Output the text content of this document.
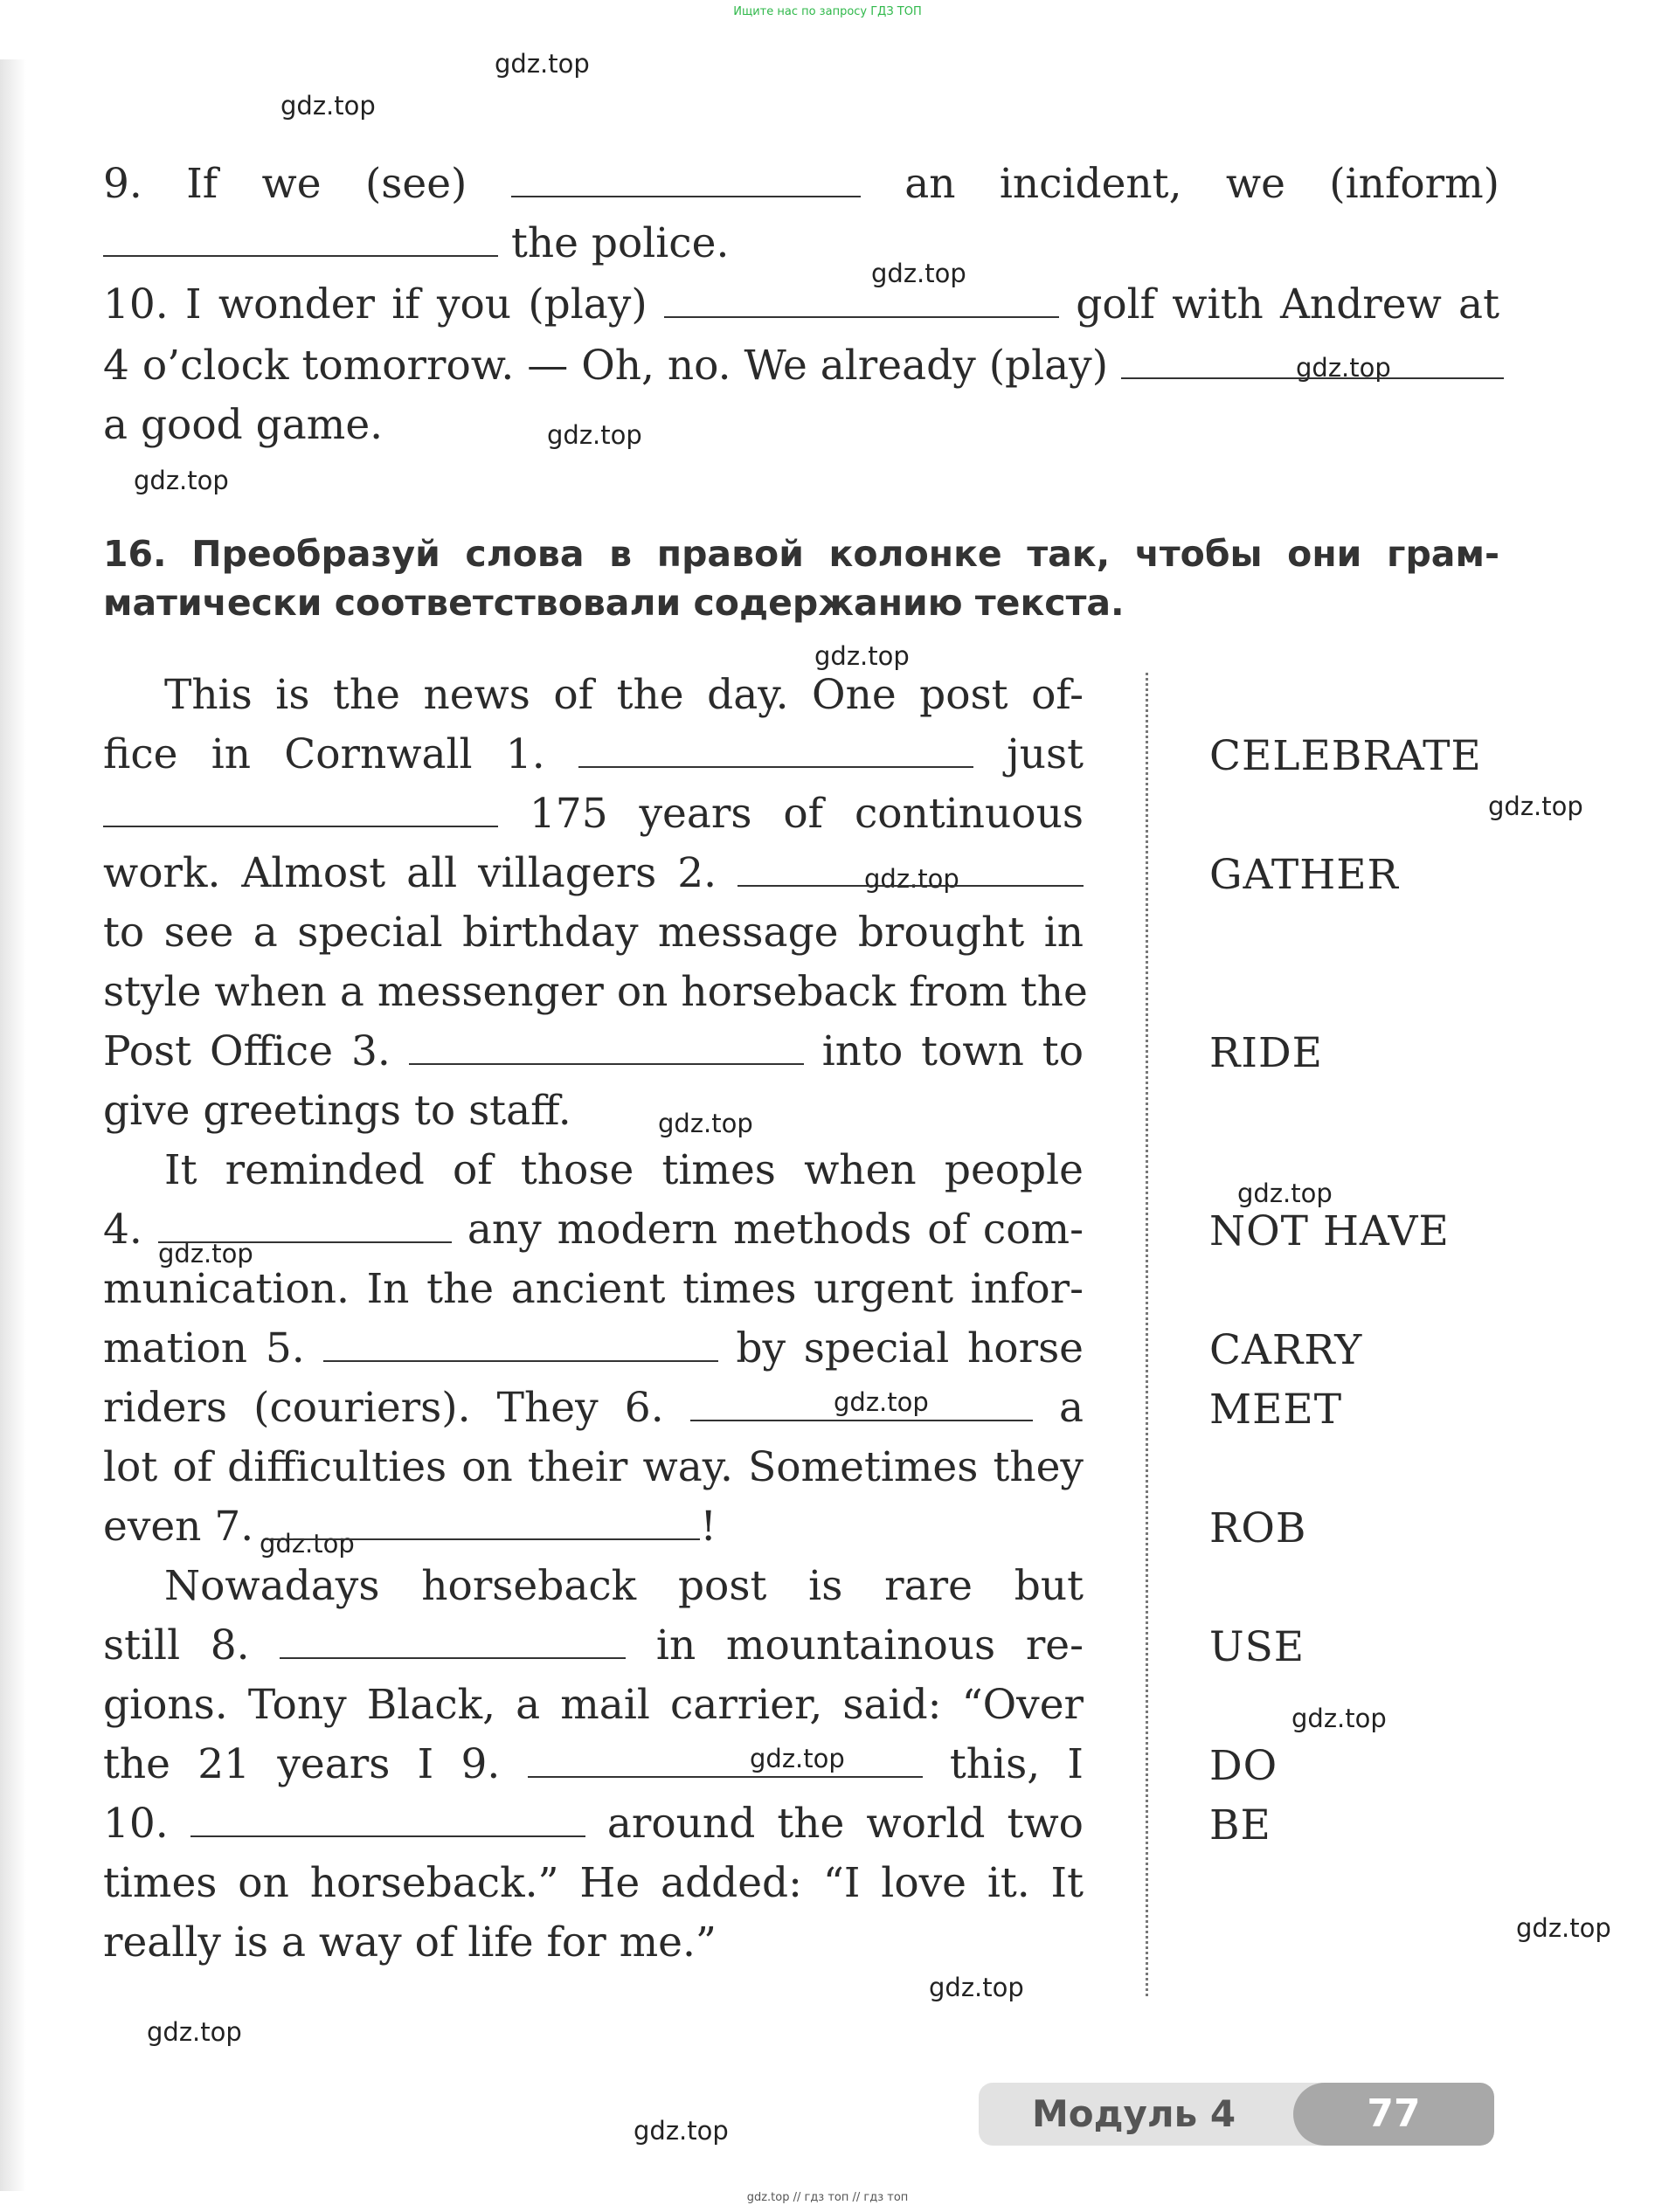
Ищите нас по запросу ГДЗ ТОП
gdz.top
gdz.top
gdz.top
gdz.top
gdz.top
gdz.top
gdz.top
gdz.top
gdz.top
gdz.top
gdz.top
gdz.top
gdz.top
gdz.top
gdz.top
gdz.top
gdz.top
gdz.top
gdz.top
gdz.top
9. If we (see)	an incident, we (inform)
the police.
10. I wonder if you (play)	golf with Andrew at
4 o’clock tomorrow. — Oh, no. We already (play)
a good game.
16. Преобразуй слова в правой колонке так, чтобы они грам-
матически соответствовали содержанию текста.
This is the news of the day. One post of-
fice in Cornwall 1.	just
175 years of continuous
work. Almost all villagers 2.
to see a special birthday message brought in
style when a messenger on horseback from the
Post Office 3.	into town to
give greetings to staff.
It reminded of those times when people
4.	any modern methods of com-
munication. In the ancient times urgent infor-
mation 5.	by special horse
riders (couriers). They 6.	a
lot of difficulties on their way. Sometimes they
even 7.	!
Nowadays horseback post is rare but
still 8.	in mountainous re-
gions. Tony Black, a mail carrier, said: “Over
the 21 years I 9.	this, I
10.	around the world two
times on horseback.” He added: “I love it. It
really is a way of life for me.”
CELEBRATE
GATHER
RIDE
NOT HAVE
CARRY
MEET
ROB
USE
DO
BE
Модуль 4	77
gdz.top // гдз топ // гдз топ
